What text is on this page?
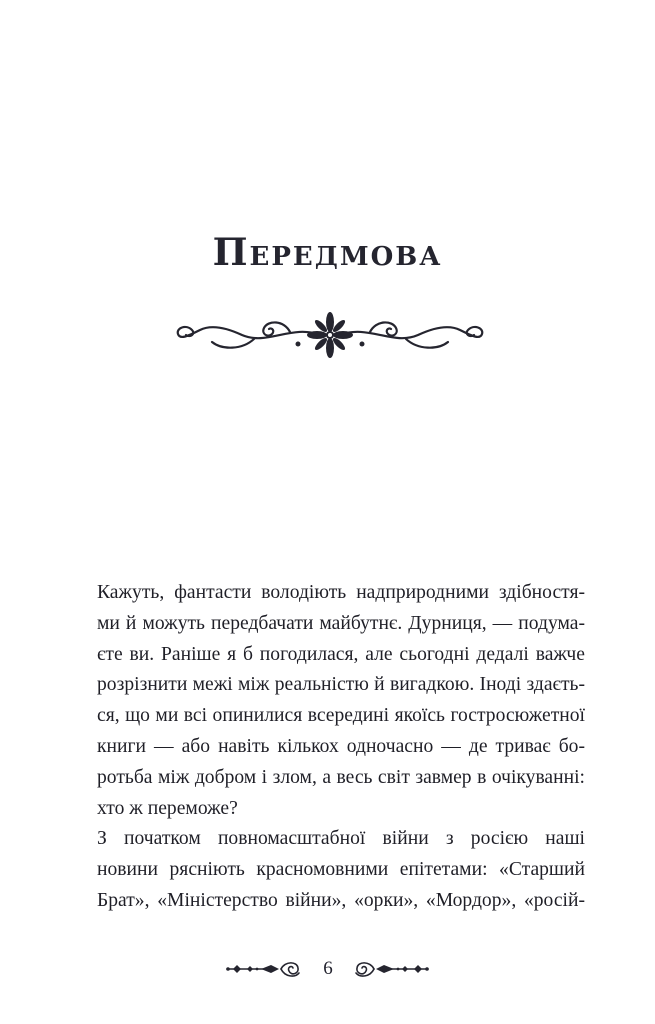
Передмова

Кажуть, фантасти володіють надприродними здібностя-
ми й можуть передбачати майбутнє. Дурниця, — подума-
єте ви. Раніше я б погодилася, але сьогодні дедалі важче
розрізнити межі між реальністю й вигадкою. Іноді здаєть-
ся, що ми всі опинилися всередині якоїсь гостросюжетної
книги — або навіть кількох одночасно — де триває бо-
ротьба між добром і злом, а весь світ завмер в очікуванні:
хто ж переможе?

З початком повномасштабної війни з росією наші
новини рясніють красномовними епітетами: «Старший
Брат», «Міністерство війни», «орки», «Мордор», «росій-

6
